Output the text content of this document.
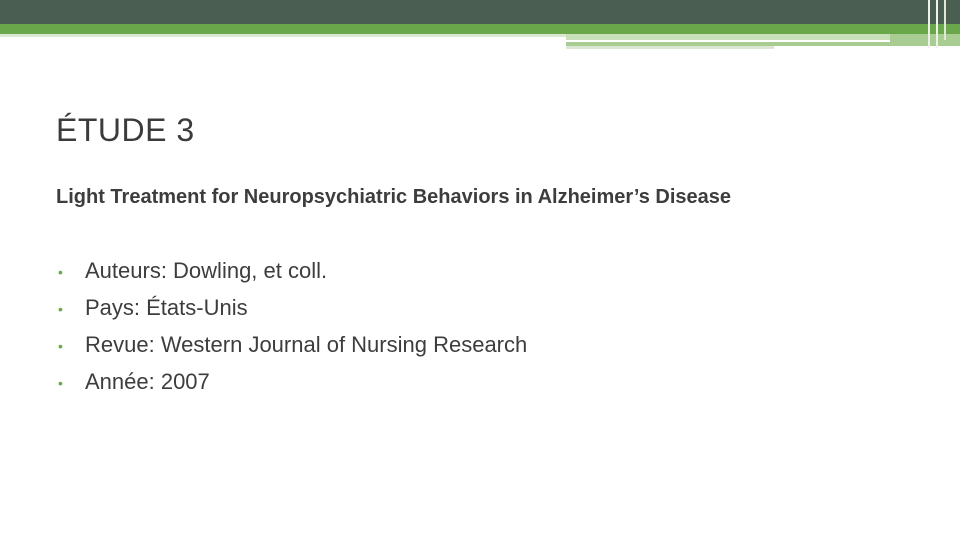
ÉTUDE 3
Light Treatment for Neuropsychiatric Behaviors in Alzheimer’s Disease
• Auteurs: Dowling, et coll.
• Pays: États-Unis
• Revue: Western Journal of Nursing Research
• Année: 2007
